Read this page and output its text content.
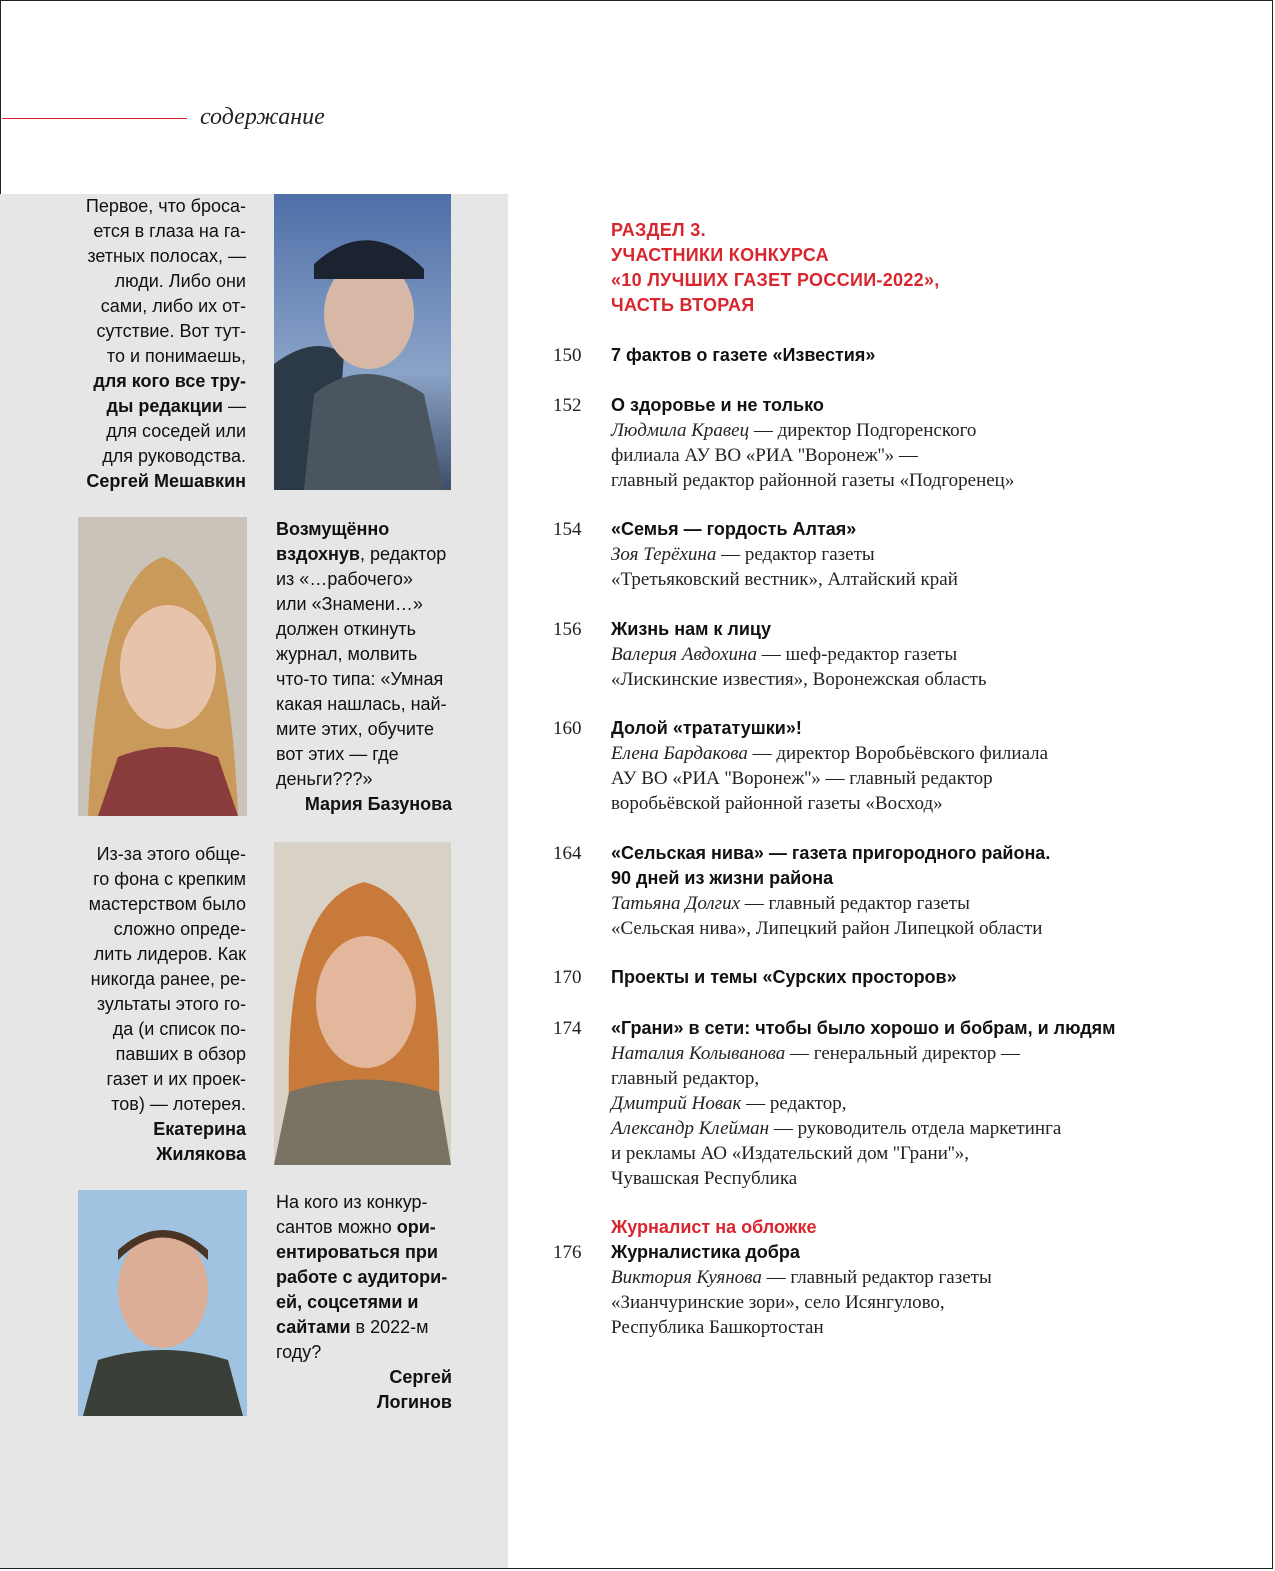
содержание
Первое, что броса-
ется в глаза на га-
зетных полосах, —
люди. Либо они
сами, либо их от-
сутствие. Вот тут-
то и понимаешь,
для кого все тру-
ды редакции —
для соседей или
для руководства.
Сергей Мешавкин
Возмущённо
вздохнув, редактор
из «…рабочего»
или «Знамени…»
должен откинуть
журнал, молвить
что-то типа: «Умная
какая нашлась, най-
мите этих, обучите
вот этих — где
деньги???»
Мария Базунова
Из-за этого обще-
го фона с крепким
мастерством было
сложно опреде-
лить лидеров. Как
никогда ранее, ре-
зультаты этого го-
да (и список по-
павших в обзор
газет и их проек-
тов) — лотерея.
Екатерина
Жилякова
На кого из конкур-
сантов можно ори-
ентироваться при
работе с аудитори-
ей, соцсетями и
сайтами в 2022-м
году?
Сергей
Логинов
РАЗДЕЛ 3.
УЧАСТНИКИ КОНКУРСА
«10 ЛУЧШИХ ГАЗЕТ РОССИИ-2022»,
ЧАСТЬ ВТОРАЯ
150 7 фактов о газете «Известия»
152 О здоровье и не только
Людмила Кравец — директор Подгоренского
филиала АУ ВО «РИА ''Воронеж''» —
главный редактор районной газеты «Подгоренец»
154 «Семья — гордость Алтая»
Зоя Терёхина — редактор газеты
«Третьяковский вестник», Алтайский край
156 Жизнь нам к лицу
Валерия Авдохина — шеф-редактор газеты
«Лискинские известия», Воронежская область
160 Долой «трататушки»!
Елена Бардакова — директор Воробьёвского филиала
АУ ВО «РИА ''Воронеж''» — главный редактор
воробьёвской районной газеты «Восход»
164 «Сельская нива» — газета пригородного района.
90 дней из жизни района
Татьяна Долгих — главный редактор газеты
«Сельская нива», Липецкий район Липецкой области
170 Проекты и темы «Сурских просторов»
174 «Грани» в сети: чтобы было хорошо и бобрам, и людям
Наталия Колыванова — генеральный директор —
главный редактор,
Дмитрий Новак — редактор,
Александр Клейман — руководитель отдела маркетинга
и рекламы АО «Издательский дом ''Грани''»,
Чувашская Республика
176
Журналист на обложке
Журналистика добра
Виктория Куянова — главный редактор газеты
«Зианчуринские зори», село Исянгулово,
Республика Башкортостан
